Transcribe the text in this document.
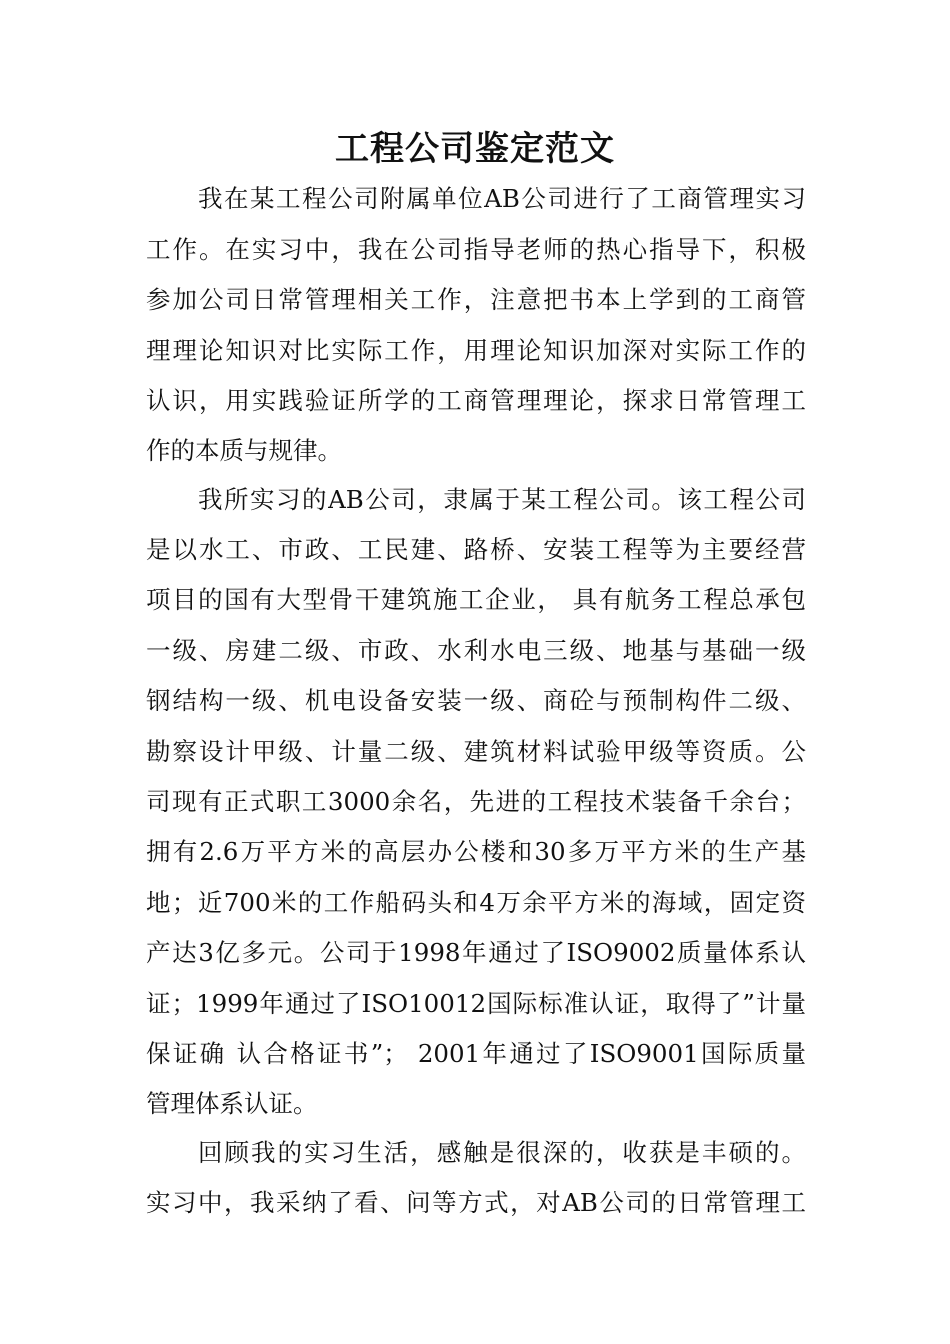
工程公司鉴定范文
我在某工程公司附属单位AB公司进行了工商管理实习
工作。在实习中，我在公司指导老师的热心指导下，积极
参加公司日常管理相关工作，注意把书本上学到的工商管
理理论知识对比实际工作，用理论知识加深对实际工作的
认识，用实践验证所学的工商管理理论，探求日常管理工
作的本质与规律。
我所实习的AB公司，隶属于某工程公司。该工程公司
是以水工、市政、工民建、路桥、安装工程等为主要经营
项目的国有大型骨干建筑施工企业， 具有航务工程总承包
一级、房建二级、市政、水利水电三级、地基与基础一级
钢结构一级、机电设备安装一级、商砼与预制构件二级、
勘察设计甲级、计量二级、建筑材料试验甲级等资质。公
司现有正式职工3000余名，先进的工程技术装备千余台；
拥有2.6万平方米的高层办公楼和30多万平方米的生产基
地；近700米的工作船码头和4万余平方米的海域，固定资
产达3亿多元。公司于1998年通过了ISO9002质量体系认
证；1999年通过了ISO10012国际标准认证，取得了”计量
保证确 认合格证书”； 2001年通过了ISO9001国际质量
管理体系认证。
回顾我的实习生活，感触是很深的，收获是丰硕的。
实习中，我采纳了看、问等方式，对AB公司的日常管理工
